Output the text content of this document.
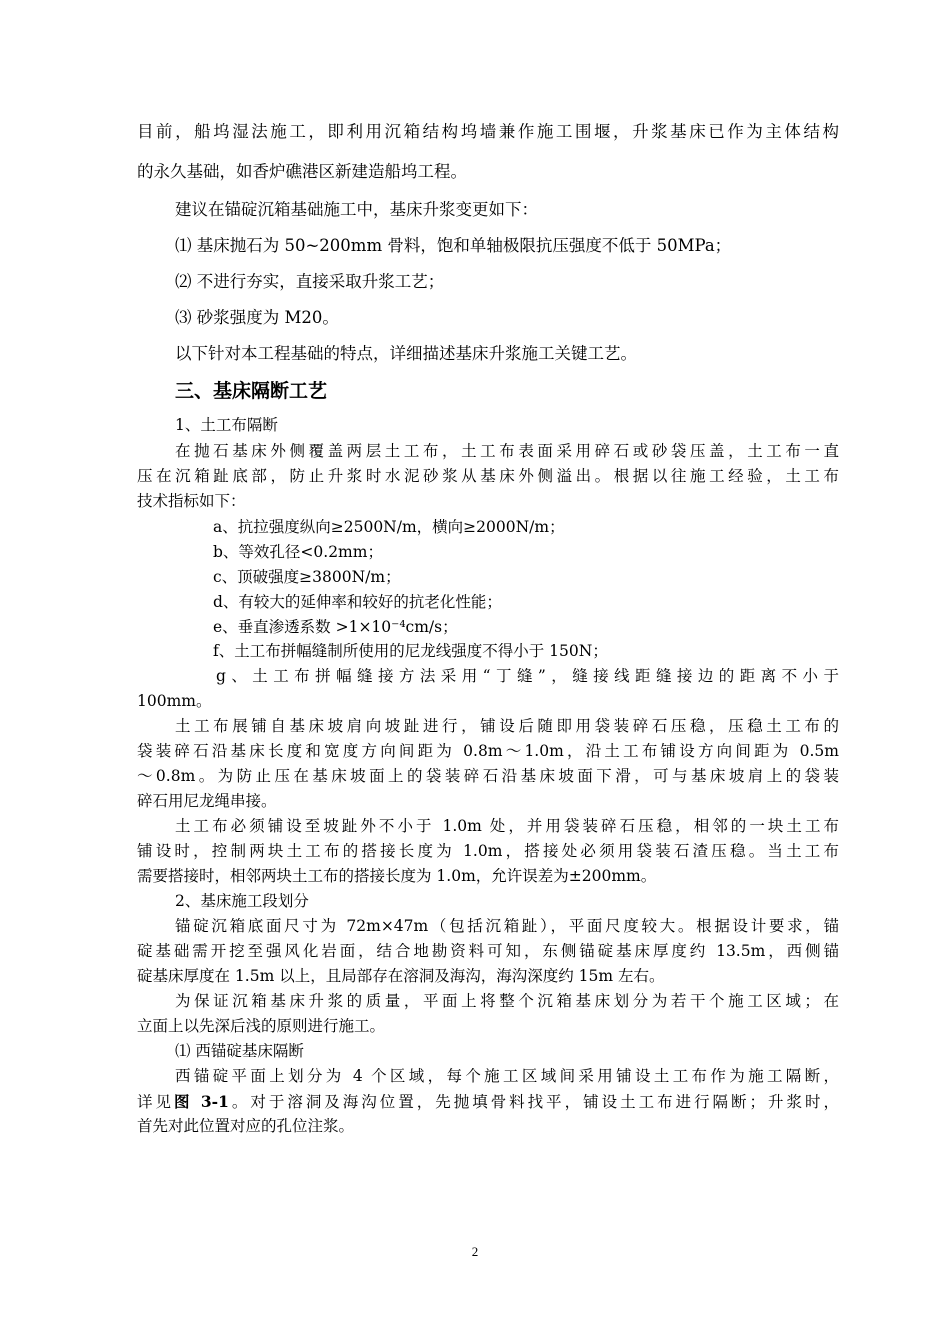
目前，船坞湿法施工，即利用沉箱结构坞墙兼作施工围堰，升浆基床已作为主体结构

的永久基础，如香炉礁港区新建造船坞工程。

建议在锚碇沉箱基础施工中，基床升浆变更如下：

⑴ 基床抛石为 50~200mm 骨料，饱和单轴极限抗压强度不低于 50MPa；

⑵ 不进行夯实，直接采取升浆工艺；

⑶ 砂浆强度为 M20。

以下针对本工程基础的特点，详细描述基床升浆施工关键工艺。

三、基床隔断工艺

1、土工布隔断

在抛石基床外侧覆盖两层土工布，土工布表面采用碎石或砂袋压盖，土工布一直

压在沉箱趾底部，防止升浆时水泥砂浆从基床外侧溢出。根据以往施工经验，土工布

技术指标如下：

a、抗拉强度纵向≥2500N/m，横向≥2000N/m；

b、等效孔径<0.2mm；

c、顶破强度≥3800N/m；

d、有较大的延伸率和较好的抗老化性能；

e、垂直渗透系数 >1×10⁻⁴cm/s；

f、土工布拼幅缝制所使用的尼龙线强度不得小于 150N；

g、土工布拼幅缝接方法采用“丁缝”，缝接线距缝接边的距离不小于

100mm。

土工布展铺自基床坡肩向坡趾进行，铺设后随即用袋装碎石压稳，压稳土工布的

袋装碎石沿基床长度和宽度方向间距为 0.8m～1.0m，沿土工布铺设方向间距为 0.5m

～0.8m。为防止压在基床坡面上的袋装碎石沿基床坡面下滑，可与基床坡肩上的袋装

碎石用尼龙绳串接。

土工布必须铺设至坡趾外不小于 1.0m 处，并用袋装碎石压稳，相邻的一块土工布

铺设时，控制两块土工布的搭接长度为 1.0m，搭接处必须用袋装石渣压稳。当土工布

需要搭接时，相邻两块土工布的搭接长度为 1.0m，允许误差为±200mm。

2、基床施工段划分

锚碇沉箱底面尺寸为 72m×47m（包括沉箱趾），平面尺度较大。根据设计要求，锚

碇基础需开挖至强风化岩面，结合地勘资料可知，东侧锚碇基床厚度约 13.5m，西侧锚

碇基床厚度在 1.5m 以上，且局部存在溶洞及海沟，海沟深度约 15m 左右。

为保证沉箱基床升浆的质量，平面上将整个沉箱基床划分为若干个施工区域；在

立面上以先深后浅的原则进行施工。

⑴ 西锚碇基床隔断

西锚碇平面上划分为 4 个区域，每个施工区域间采用铺设土工布作为施工隔断，

详见图 3-1。对于溶洞及海沟位置，先抛填骨料找平，铺设土工布进行隔断；升浆时，

首先对此位置对应的孔位注浆。

2
